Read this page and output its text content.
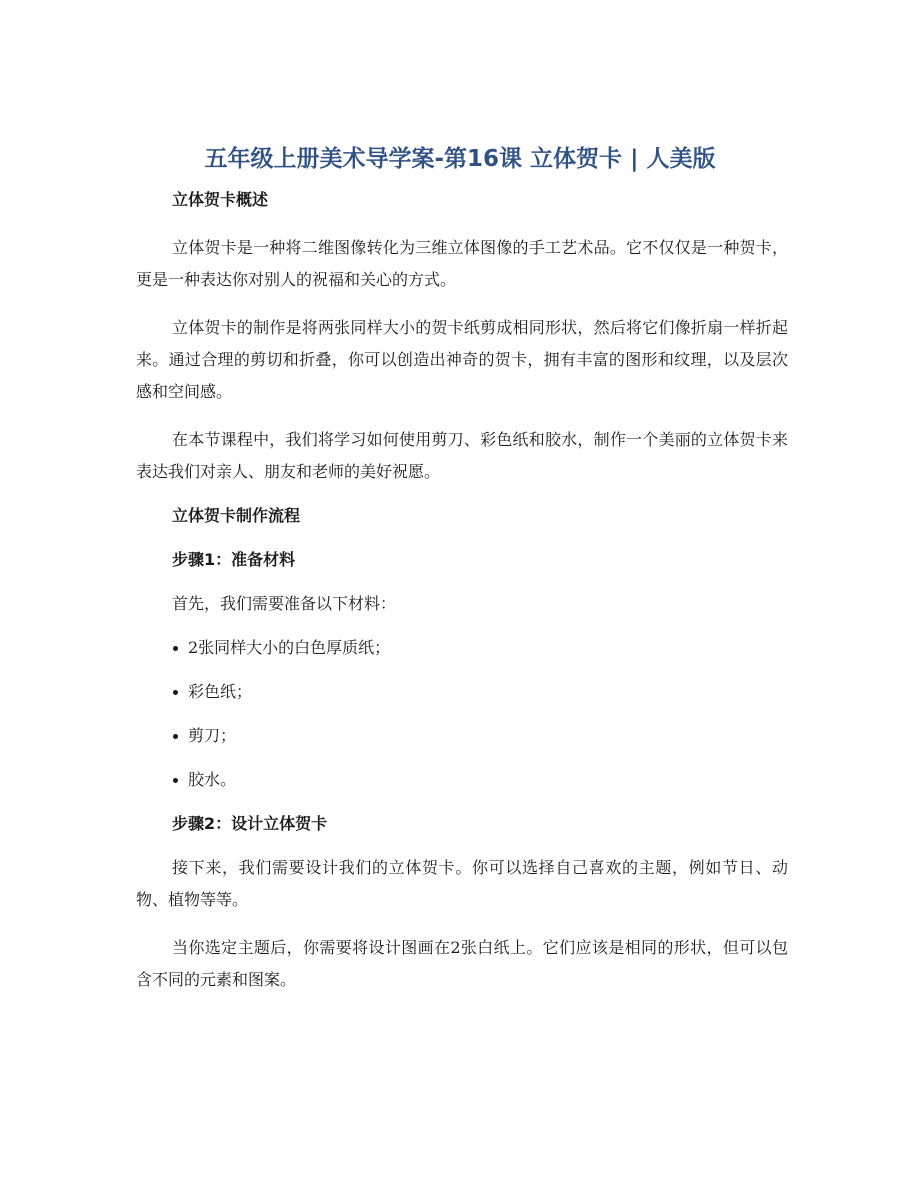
五年级上册美术导学案-第16课 立体贺卡 | 人美版

立体贺卡概述

立体贺卡是一种将二维图像转化为三维立体图像的手工艺术品。它不仅仅是一种贺卡，更是一种表达你对别人的祝福和关心的方式。

立体贺卡的制作是将两张同样大小的贺卡纸剪成相同形状，然后将它们像折扇一样折起来。通过合理的剪切和折叠，你可以创造出神奇的贺卡，拥有丰富的图形和纹理，以及层次感和空间感。

在本节课程中，我们将学习如何使用剪刀、彩色纸和胶水，制作一个美丽的立体贺卡来表达我们对亲人、朋友和老师的美好祝愿。

立体贺卡制作流程

步骤1：准备材料

首先，我们需要准备以下材料：

2张同样大小的白色厚质纸；
彩色纸；
剪刀；
胶水。

步骤2：设计立体贺卡

接下来，我们需要设计我们的立体贺卡。你可以选择自己喜欢的主题，例如节日、动物、植物等等。

当你选定主题后，你需要将设计图画在2张白纸上。它们应该是相同的形状，但可以包含不同的元素和图案。
